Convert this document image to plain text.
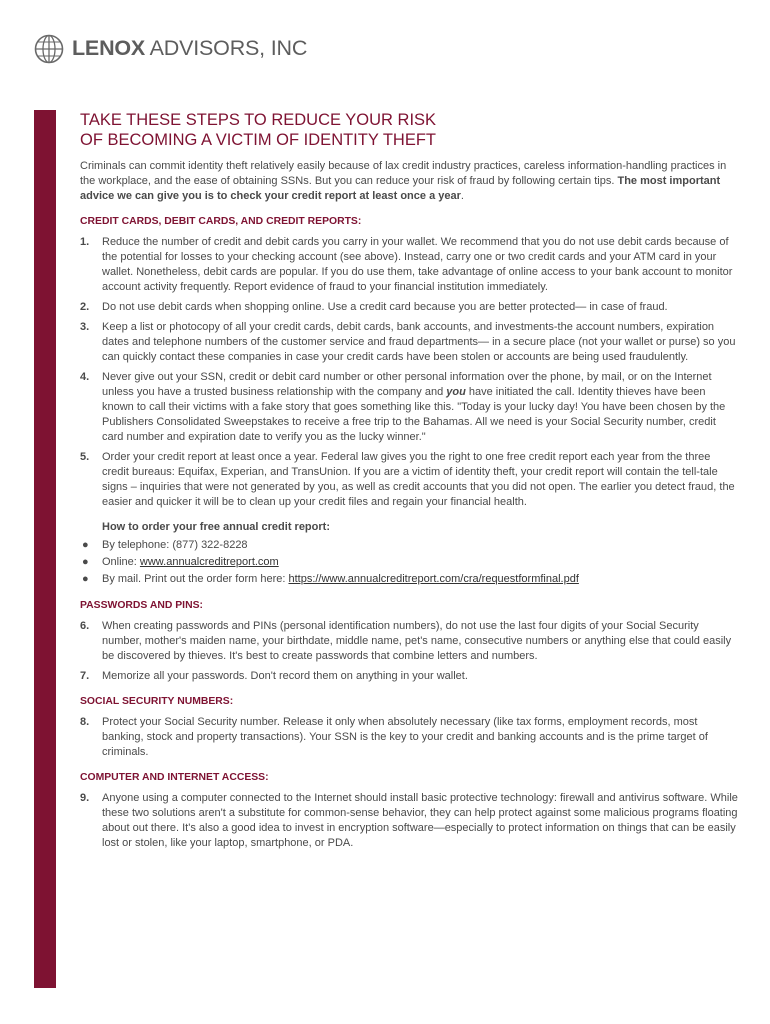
LENOX ADVISORS, INC
TAKE THESE STEPS TO REDUCE YOUR RISK
OF BECOMING A VICTIM OF IDENTITY THEFT

Criminals can commit identity theft relatively easily because of lax credit industry practices, careless information-handling practices in the workplace, and the ease of obtaining SSNs. But you can reduce your risk of fraud by following certain tips. The most important advice we can give you is to check your credit report at least once a year.

CREDIT CARDS, DEBIT CARDS, AND CREDIT REPORTS:
1.	Reduce the number of credit and debit cards you carry in your wallet. We recommend that you do not use debit cards because of the potential for losses to your checking account (see above). Instead, carry one or two credit cards and your ATM card in your wallet. Nonetheless, debit cards are popular. If you do use them, take advantage of online access to your bank account to monitor account activity frequently. Report evidence of fraud to your financial institution immediately.
2.	Do not use debit cards when shopping online. Use a credit card because you are better protected— in case of fraud.
3.	Keep a list or photocopy of all your credit cards, debit cards, bank accounts, and investments-the account numbers, expiration dates and telephone numbers of the customer service and fraud departments— in a secure place (not your wallet or purse) so you can quickly contact these companies in case your credit cards have been stolen or accounts are being used fraudulently.
4.	Never give out your SSN, credit or debit card number or other personal information over the phone, by mail, or on the Internet unless you have a trusted business relationship with the company and you have initiated the call. Identity thieves have been known to call their victims with a fake story that goes something like this. "Today is your lucky day! You have been chosen by the Publishers Consolidated Sweepstakes to receive a free trip to the Bahamas. All we need is your Social Security number, credit card number and expiration date to verify you as the lucky winner."
5.	Order your credit report at least once a year. Federal law gives you the right to one free credit report each year from the three credit bureaus: Equifax, Experian, and TransUnion. If you are a victim of identity theft, your credit report will contain the tell-tale signs – inquiries that were not generated by you, as well as credit accounts that you did not open. The earlier you detect fraud, the easier and quicker it will be to clean up your credit files and regain your financial health.
How to order your free annual credit report:
●	By telephone: (877) 322-8228
●	Online: www.annualcreditreport.com
●	By mail. Print out the order form here: https://www.annualcreditreport.com/cra/requestformfinal.pdf
PASSWORDS AND PINS:
6.	When creating passwords and PINs (personal identification numbers), do not use the last four digits of your Social Security number, mother's maiden name, your birthdate, middle name, pet's name, consecutive numbers or anything else that could easily be discovered by thieves. It's best to create passwords that combine letters and numbers.
7.	Memorize all your passwords. Don't record them on anything in your wallet.
SOCIAL SECURITY NUMBERS:
8.	Protect your Social Security number. Release it only when absolutely necessary (like tax forms, employment records, most banking, stock and property transactions). Your SSN is the key to your credit and banking accounts and is the prime target of criminals.
COMPUTER AND INTERNET ACCESS:
9.	Anyone using a computer connected to the Internet should install basic protective technology: firewall and antivirus software. While these two solutions aren't a substitute for common-sense behavior, they can help protect against some malicious programs floating about out there. It's also a good idea to invest in encryption software—especially to protect information on things that can be easily lost or stolen, like your laptop, smartphone, or PDA.
